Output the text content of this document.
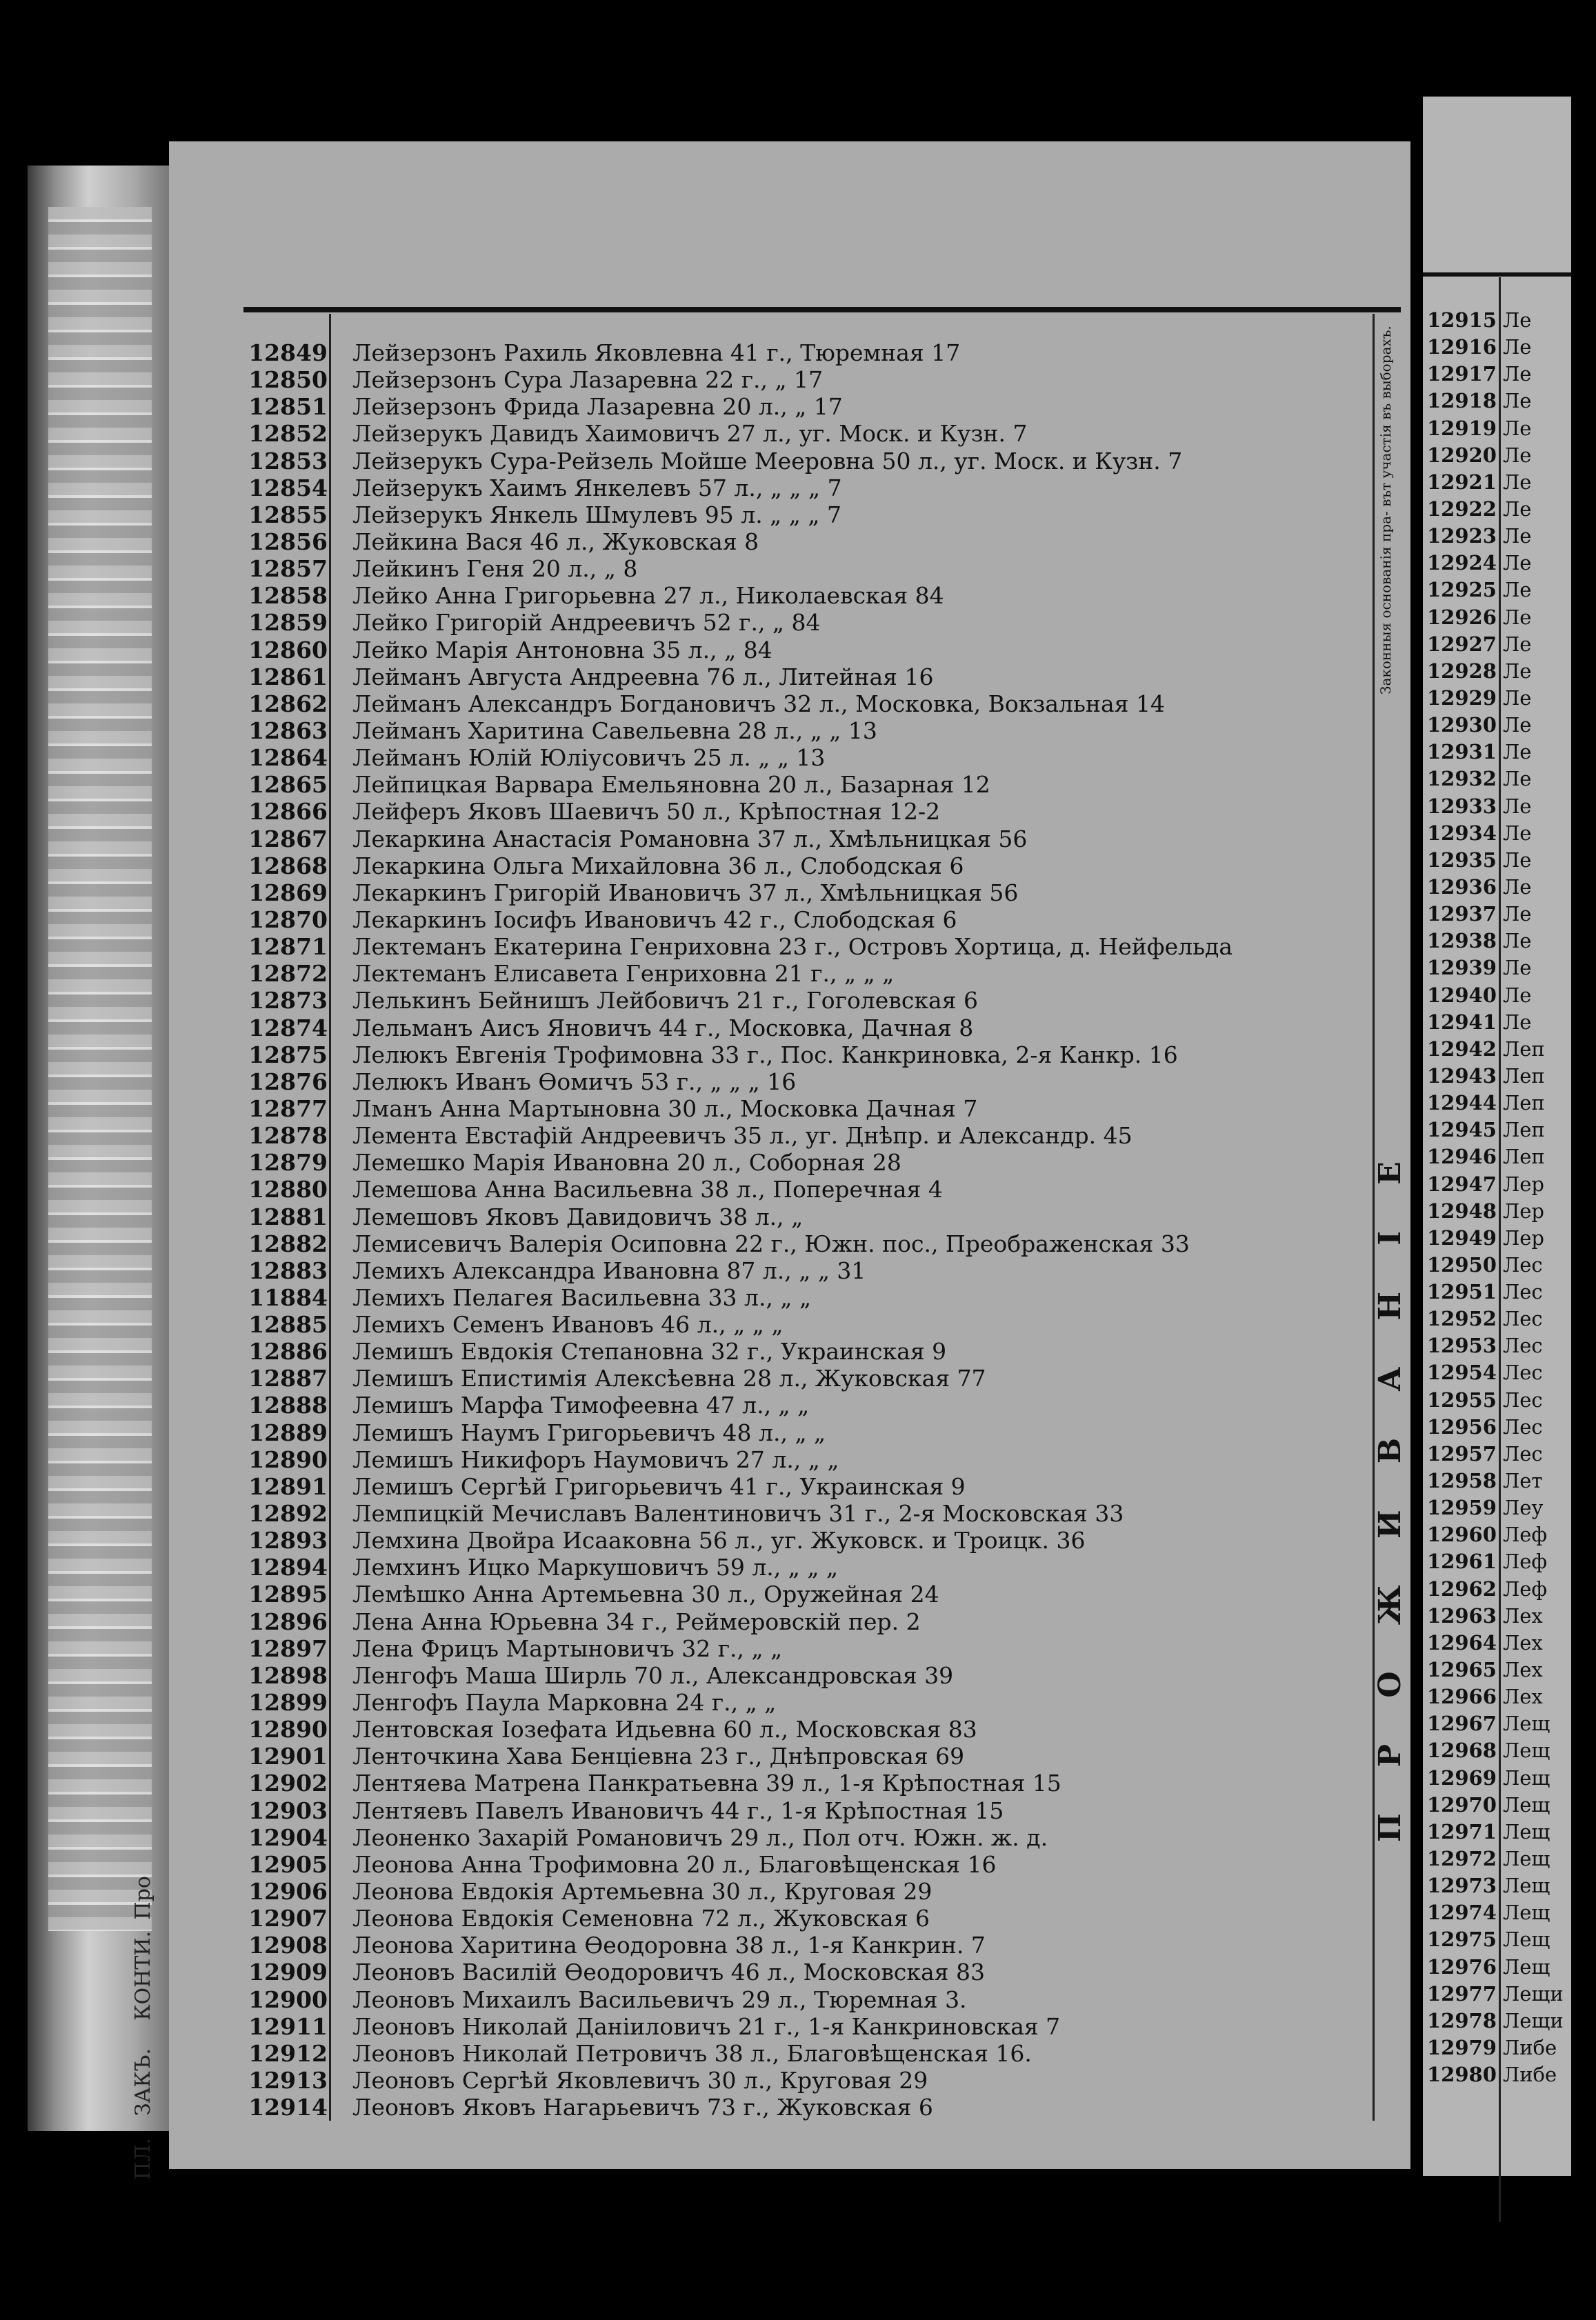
Про
КОНТИ.
ЗАКЪ.
ПЛ.
Законныя основанія пра- вът участія въ выборахъ.
П Р О Ж И В А Н І Е
12849 Лейзерзонъ Рахиль Яковлевна 41 г., Тюремная 17
12850 Лейзерзонъ Сура Лазаревна 22 г., „ 17
12851 Лейзерзонъ Фрида Лазаревна 20 л., „ 17
12852 Лейзерукъ Давидъ Хаимовичъ 27 л., уг. Моск. и Кузн. 7
12853 Лейзерукъ Сура-Рейзель Мойше Мееровна 50 л., уг. Моск. и Кузн. 7
12854 Лейзерукъ Хаимъ Янкелевъ 57 л., „ „ „ 7
12855 Лейзерукъ Янкель Шмулевъ 95 л. „ „ „ 7
12856 Лейкина Вася 46 л., Жуковская 8
12857 Лейкинъ Геня 20 л., „ 8
12858 Лейко Анна Григорьевна 27 л., Николаевская 84
12859 Лейко Григорій Андреевичъ 52 г., „ 84
12860 Лейко Марія Антоновна 35 л., „ 84
12861 Лейманъ Августа Андреевна 76 л., Литейная 16
12862 Лейманъ Александръ Богдановичъ 32 л., Московка, Вокзальная 14
12863 Лейманъ Харитина Савельевна 28 л., „ „ 13
12864 Лейманъ Юлій Юліусовичъ 25 л. „ „ 13
12865 Лейпицкая Варвара Емельяновна 20 л., Базарная 12
12866 Лейферъ Яковъ Шаевичъ 50 л., Крѣпостная 12-2
12867 Лекаркина Анастасія Романовна 37 л., Хмѣльницкая 56
12868 Лекаркина Ольга Михайловна 36 л., Слободская 6
12869 Лекаркинъ Григорій Ивановичъ 37 л., Хмѣльницкая 56
12870 Лекаркинъ Іосифъ Ивановичъ 42 г., Слободская 6
12871 Лектеманъ Екатерина Генриховна 23 г., Островъ Хортица, д. Нейфельда
12872 Лектеманъ Елисавета Генриховна 21 г., „ „ „
12873 Лелькинъ Бейнишъ Лейбовичъ 21 г., Гоголевская 6
12874 Лельманъ Аисъ Яновичъ 44 г., Московка, Дачная 8
12875 Лелюкъ Евгенія Трофимовна 33 г., Пос. Канкриновка, 2-я Канкр. 16
12876 Лелюкъ Иванъ Ѳомичъ 53 г., „ „ „ 16
12877 Лманъ Анна Мартыновна 30 л., Московка Дачная 7
12878 Лемента Евстафій Андреевичъ 35 л., уг. Днѣпр. и Александр. 45
12879 Лемешко Марія Ивановна 20 л., Соборная 28
12880 Лемешова Анна Васильевна 38 л., Поперечная 4
12881 Лемешовъ Яковъ Давидовичъ 38 л., „
12882 Лемисевичъ Валерія Осиповна 22 г., Южн. пос., Преображенская 33
12883 Лемихъ Александра Ивановна 87 л., „ „ 31
11884 Лемихъ Пелагея Васильевна 33 л., „ „
12885 Лемихъ Семенъ Ивановъ 46 л., „ „ „
12886 Лемишъ Евдокія Степановна 32 г., Украинская 9
12887 Лемишъ Епистимія Алексѣевна 28 л., Жуковская 77
12888 Лемишъ Марфа Тимофеевна 47 л., „ „
12889 Лемишъ Наумъ Григорьевичъ 48 л., „ „
12890 Лемишъ Никифоръ Наумовичъ 27 л., „ „
12891 Лемишъ Сергѣй Григорьевичъ 41 г., Украинская 9
12892 Лемпицкій Мечиславъ Валентиновичъ 31 г., 2-я Московская 33
12893 Лемхина Двойра Исааковна 56 л., уг. Жуковск. и Троицк. 36
12894 Лемхинъ Ицко Маркушовичъ 59 л., „ „ „
12895 Лемѣшко Анна Артемьевна 30 л., Оружейная 24
12896 Лена Анна Юрьевна 34 г., Реймеровскій пер. 2
12897 Лена Фрицъ Мартыновичъ 32 г., „ „
12898 Ленгофъ Маша Ширль 70 л., Александровская 39
12899 Ленгофъ Паула Марковна 24 г., „ „
12890 Лентовская Іозефата Идьевна 60 л., Московская 83
12901 Ленточкина Хава Бенціевна 23 г., Днѣпровская 69
12902 Лентяева Матрена Панкратьевна 39 л., 1-я Крѣпостная 15
12903 Лентяевъ Павелъ Ивановичъ 44 г., 1-я Крѣпостная 15
12904 Леоненко Захарій Романовичъ 29 л., Пол отч. Южн. ж. д.
12905 Леонова Анна Трофимовна 20 л., Благовѣщенская 16
12906 Леонова Евдокія Артемьевна 30 л., Круговая 29
12907 Леонова Евдокія Семеновна 72 л., Жуковская 6
12908 Леонова Харитина Ѳеодоровна 38 л., 1-я Канкрин. 7
12909 Леоновъ Василій Ѳеодоровичъ 46 л., Московская 83
12900 Леоновъ Михаилъ Васильевичъ 29 л., Тюремная 3.
12911 Леоновъ Николай Даніиловичъ 21 г., 1-я Канкриновская 7
12912 Леоновъ Николай Петровичъ 38 л., Благовѣщенская 16.
12913 Леоновъ Сергѣй Яковлевичъ 30 л., Круговая 29
12914 Леоновъ Яковъ Нагарьевичъ 73 г., Жуковская 6
12915 Ле
12916 Ле
12917 Ле
12918 Ле
12919 Ле
12920 Ле
12921 Ле
12922 Ле
12923 Ле
12924 Ле
12925 Ле
12926 Ле
12927 Ле
12928 Ле
12929 Ле
12930 Ле
12931 Ле
12932 Ле
12933 Ле
12934 Ле
12935 Ле
12936 Ле
12937 Ле
12938 Ле
12939 Ле
12940 Ле
12941 Ле
12942 Леп
12943 Леп
12944 Леп
12945 Леп
12946 Леп
12947 Лер
12948 Лер
12949 Лер
12950 Лес
12951 Лес
12952 Лес
12953 Лес
12954 Лес
12955 Лес
12956 Лес
12957 Лес
12958 Лет
12959 Леу
12960 Леф
12961 Леф
12962 Леф
12963 Лех
12964 Лех
12965 Лех
12966 Лех
12967 Лещ
12968 Лещ
12969 Лещ
12970 Лещ
12971 Лещ
12972 Лещ
12973 Лещ
12974 Лещ
12975 Лещ
12976 Лещ
12977 Лещи
12978 Лещи
12979 Либе
12980 Либе
